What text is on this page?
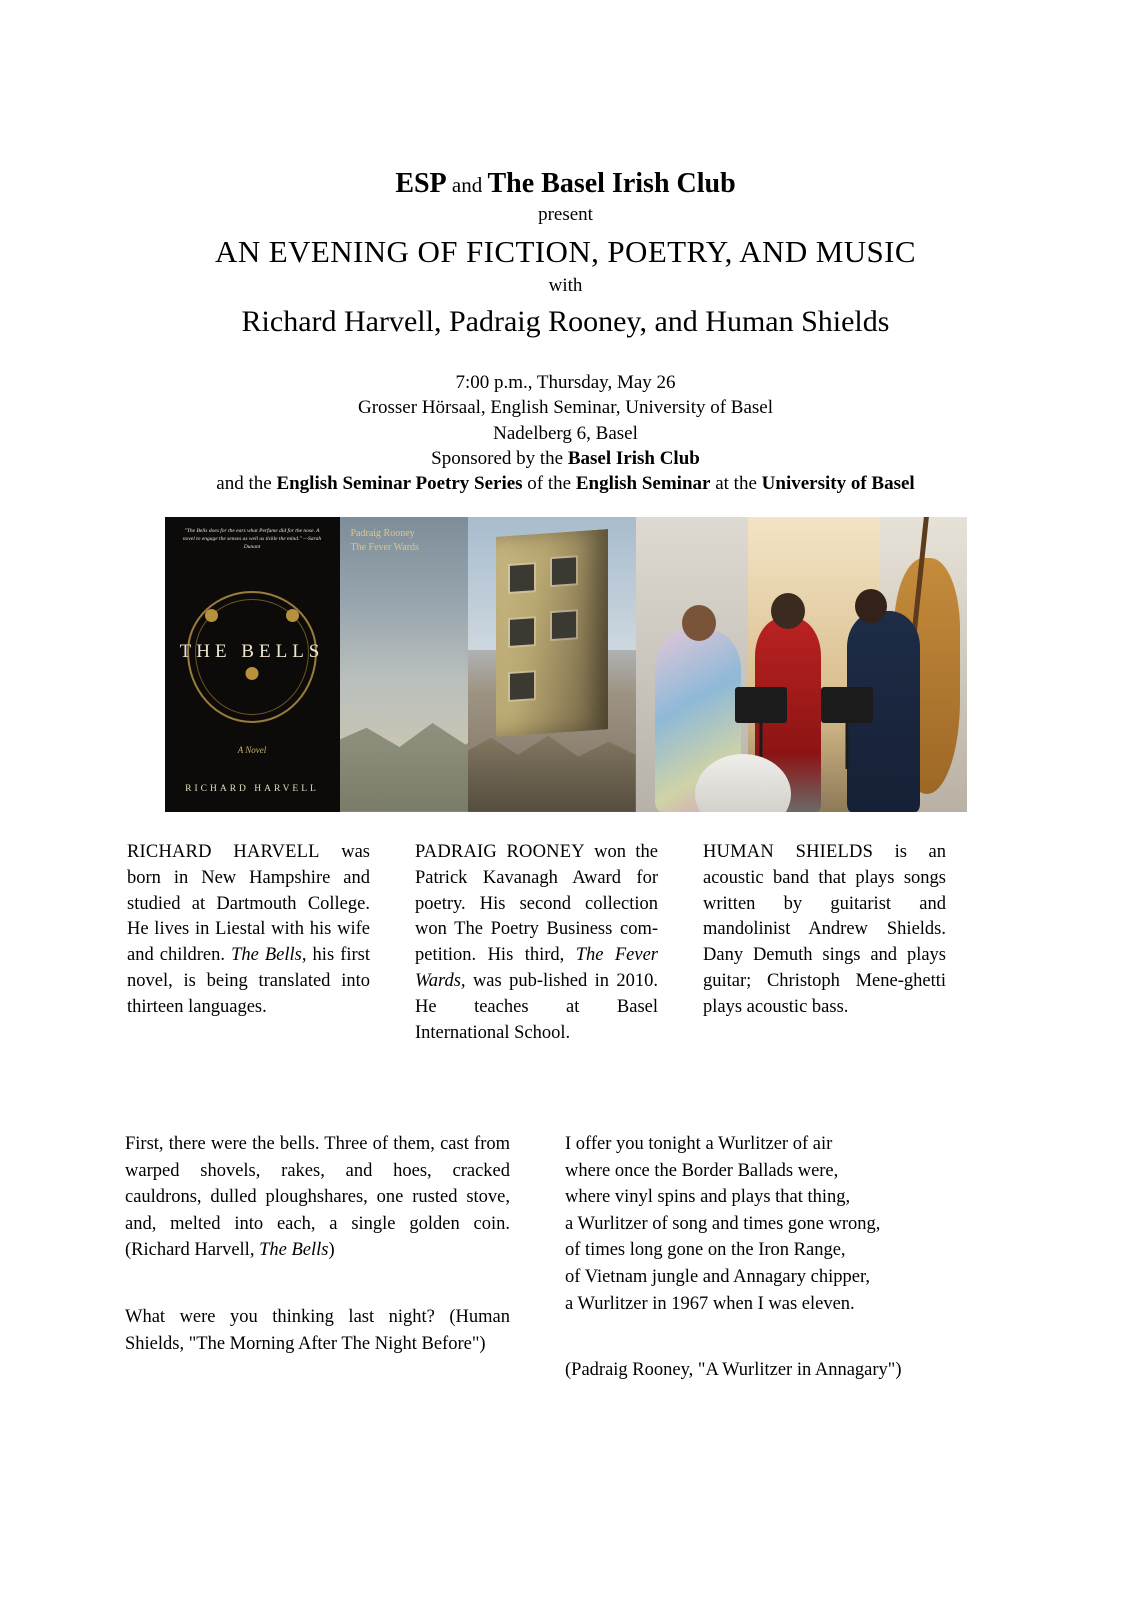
ESP and The Basel Irish Club
present
AN EVENING OF FICTION, POETRY, AND MUSIC
with
Richard Harvell, Padraig Rooney, and Human Shields
7:00 p.m., Thursday, May 26
Grosser Hörsaal, English Seminar, University of Basel
Nadelberg 6, Basel
Sponsored by the Basel Irish Club
and the English Seminar Poetry Series of the English Seminar at the University of Basel
"The Bells does for the ears what Perfume did for the nose. A novel to engage the senses as well as tickle the mind." —Sarah Dunant
THE BELLS
A Novel
RICHARD HARVELL
Padraig Rooney
The Fever Wards
RICHARD HARVELL was born in New Hampshire and studied at Dartmouth College. He lives in Liestal with his wife and children. The Bells, his first novel, is being translated into thirteen languages.
PADRAIG ROONEY won the Patrick Kavanagh Award for poetry. His second collection won The Poetry Business com-petition. His third, The Fever Wards, was pub-lished in 2010. He teaches at Basel International School.
HUMAN SHIELDS is an acoustic band that plays songs written by guitarist and mandolinist Andrew Shields. Dany Demuth sings and plays guitar; Christoph Mene-ghetti plays acoustic bass.
First, there were the bells. Three of them, cast from warped shovels, rakes, and hoes, cracked cauldrons, dulled ploughshares, one rusted stove, and, melted into each, a single golden coin. (Richard Harvell, The Bells)
What were you thinking last night? (Human Shields, "The Morning After The Night Before")
I offer you tonight a Wurlitzer of air
where once the Border Ballads were,
where vinyl spins and plays that thing,
a Wurlitzer of song and times gone wrong,
of times long gone on the Iron Range,
of Vietnam jungle and Annagary chipper,
a Wurlitzer in 1967 when I was eleven.
(Padraig Rooney, "A Wurlitzer in Annagary")
